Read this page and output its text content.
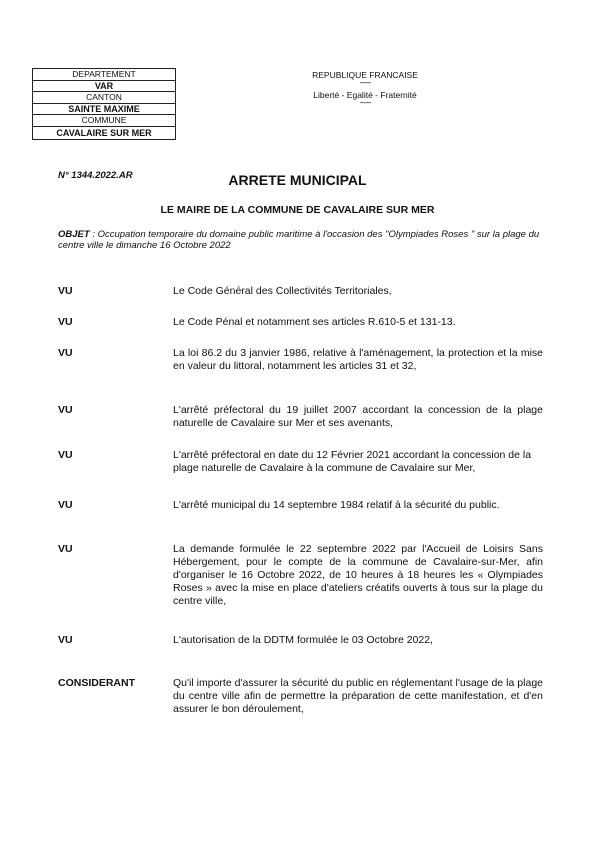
DEPARTEMENT
VAR
CANTON
SAINTE MAXIME
COMMUNE
CAVALAIRE SUR MER
REPUBLIQUE FRANCAISE
--------
Liberté - Egalité - Fraternité
--------
N° 1344.2022.AR	ARRETE MUNICIPAL
LE MAIRE DE LA COMMUNE DE CAVALAIRE SUR MER
OBJET : Occupation temporaire du domaine public maritime à l'occasion des "Olympiades Roses " sur la plage du centre ville le dimanche 16 Octobre 2022
VU	Le Code Général des Collectivités Territoriales,
VU	Le Code Pénal et notamment ses articles R.610-5 et 131-13.
VU	La loi 86.2 du 3 janvier 1986, relative à l'aménagement, la protection et la mise en valeur du littoral, notamment les articles 31 et 32,
VU	L'arrêté préfectoral du 19 juillet 2007 accordant la concession de la plage naturelle de Cavalaire sur Mer et ses avenants,
VU	L'arrêté préfectoral en date du 12 Février 2021 accordant la concession de la plage naturelle de Cavalaire à la commune de Cavalaire sur Mer,
VU	L'arrêté municipal du 14 septembre 1984 relatif à la sécurité du public.
VU	La demande formulée le 22 septembre 2022 par l'Accueil de Loisirs Sans Hébergement, pour le compte de la commune de Cavalaire-sur-Mer, afin d'organiser le 16 Octobre 2022, de 10 heures à 18 heures les « Olympiades Roses » avec la mise en place d'ateliers créatifs ouverts à tous sur la plage du centre ville,
VU	L'autorisation de la DDTM formulée le 03 Octobre 2022,
CONSIDERANT	Qu'il importe d'assurer la sécurité du public en réglementant l'usage de la plage du centre ville afin de permettre la préparation de cette manifestation, et d'en assurer le bon déroulement,
